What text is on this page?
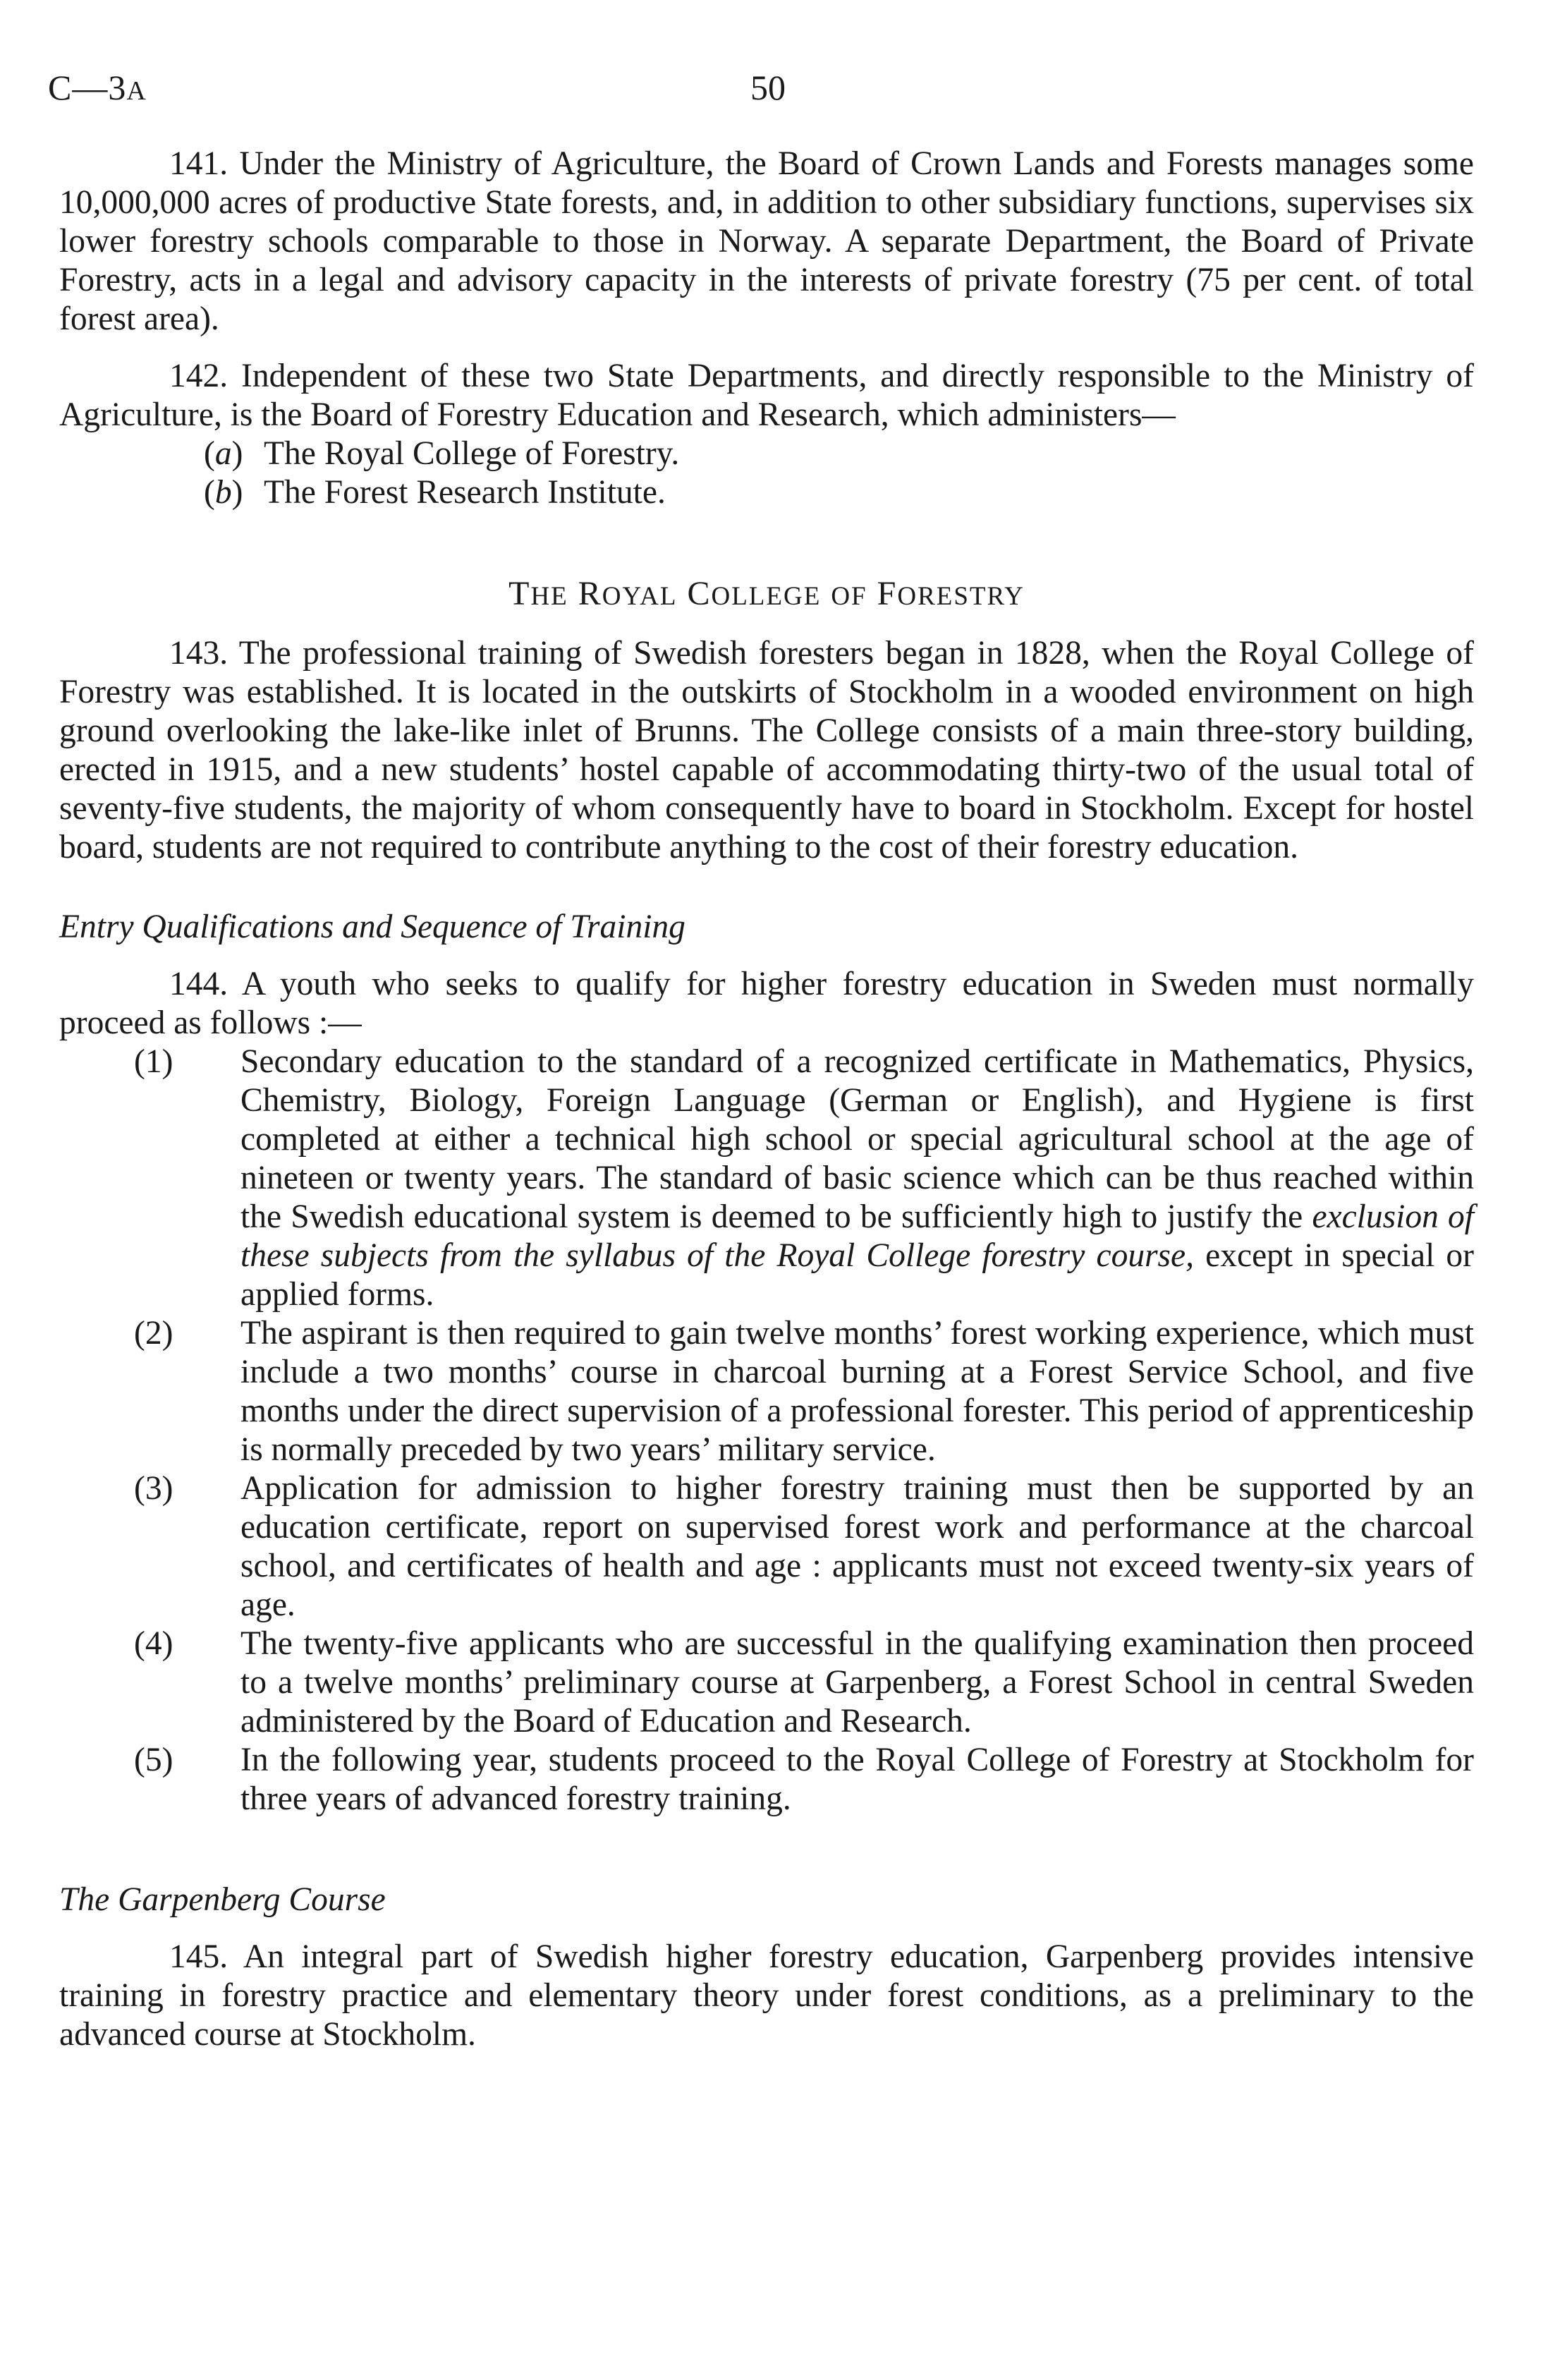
C—3A	50

141. Under the Ministry of Agriculture, the Board of Crown Lands and Forests manages some 10,000,000 acres of productive State forests, and, in addition to other subsidiary functions, supervises six lower forestry schools comparable to those in Norway. A separate Department, the Board of Private Forestry, acts in a legal and advisory capacity in the interests of private forestry (75 per cent. of total forest area).

142. Independent of these two State Departments, and directly responsible to the Ministry of Agriculture, is the Board of Forestry Education and Research, which administers—

(a) The Royal College of Forestry.
(b) The Forest Research Institute.

THE ROYAL COLLEGE OF FORESTRY

143. The professional training of Swedish foresters began in 1828, when the Royal College of Forestry was established. It is located in the outskirts of Stockholm in a wooded environment on high ground overlooking the lake-like inlet of Brunns. The College consists of a main three-story building, erected in 1915, and a new students’ hostel capable of accommodating thirty-two of the usual total of seventy-five students, the majority of whom consequently have to board in Stockholm. Except for hostel board, students are not required to contribute anything to the cost of their forestry education.

Entry Qualifications and Sequence of Training

144. A youth who seeks to qualify for higher forestry education in Sweden must normally proceed as follows :—

(1) Secondary education to the standard of a recognized certificate in Mathematics, Physics, Chemistry, Biology, Foreign Language (German or English), and Hygiene is first completed at either a technical high school or special agricultural school at the age of nineteen or twenty years. The standard of basic science which can be thus reached within the Swedish educational system is deemed to be sufficiently high to justify the exclusion of these subjects from the syllabus of the Royal College forestry course, except in special or applied forms.
(2) The aspirant is then required to gain twelve months’ forest working experience, which must include a two months’ course in charcoal burning at a Forest Service School, and five months under the direct supervision of a professional forester. This period of apprenticeship is normally preceded by two years’ military service.
(3) Application for admission to higher forestry training must then be supported by an education certificate, report on supervised forest work and performance at the charcoal school, and certificates of health and age : applicants must not exceed twenty-six years of age.
(4) The twenty-five applicants who are successful in the qualifying examination then proceed to a twelve months’ preliminary course at Garpenberg, a Forest School in central Sweden administered by the Board of Education and Research.
(5) In the following year, students proceed to the Royal College of Forestry at Stockholm for three years of advanced forestry training.

The Garpenberg Course

145. An integral part of Swedish higher forestry education, Garpenberg provides intensive training in forestry practice and elementary theory under forest conditions, as a preliminary to the advanced course at Stockholm.
